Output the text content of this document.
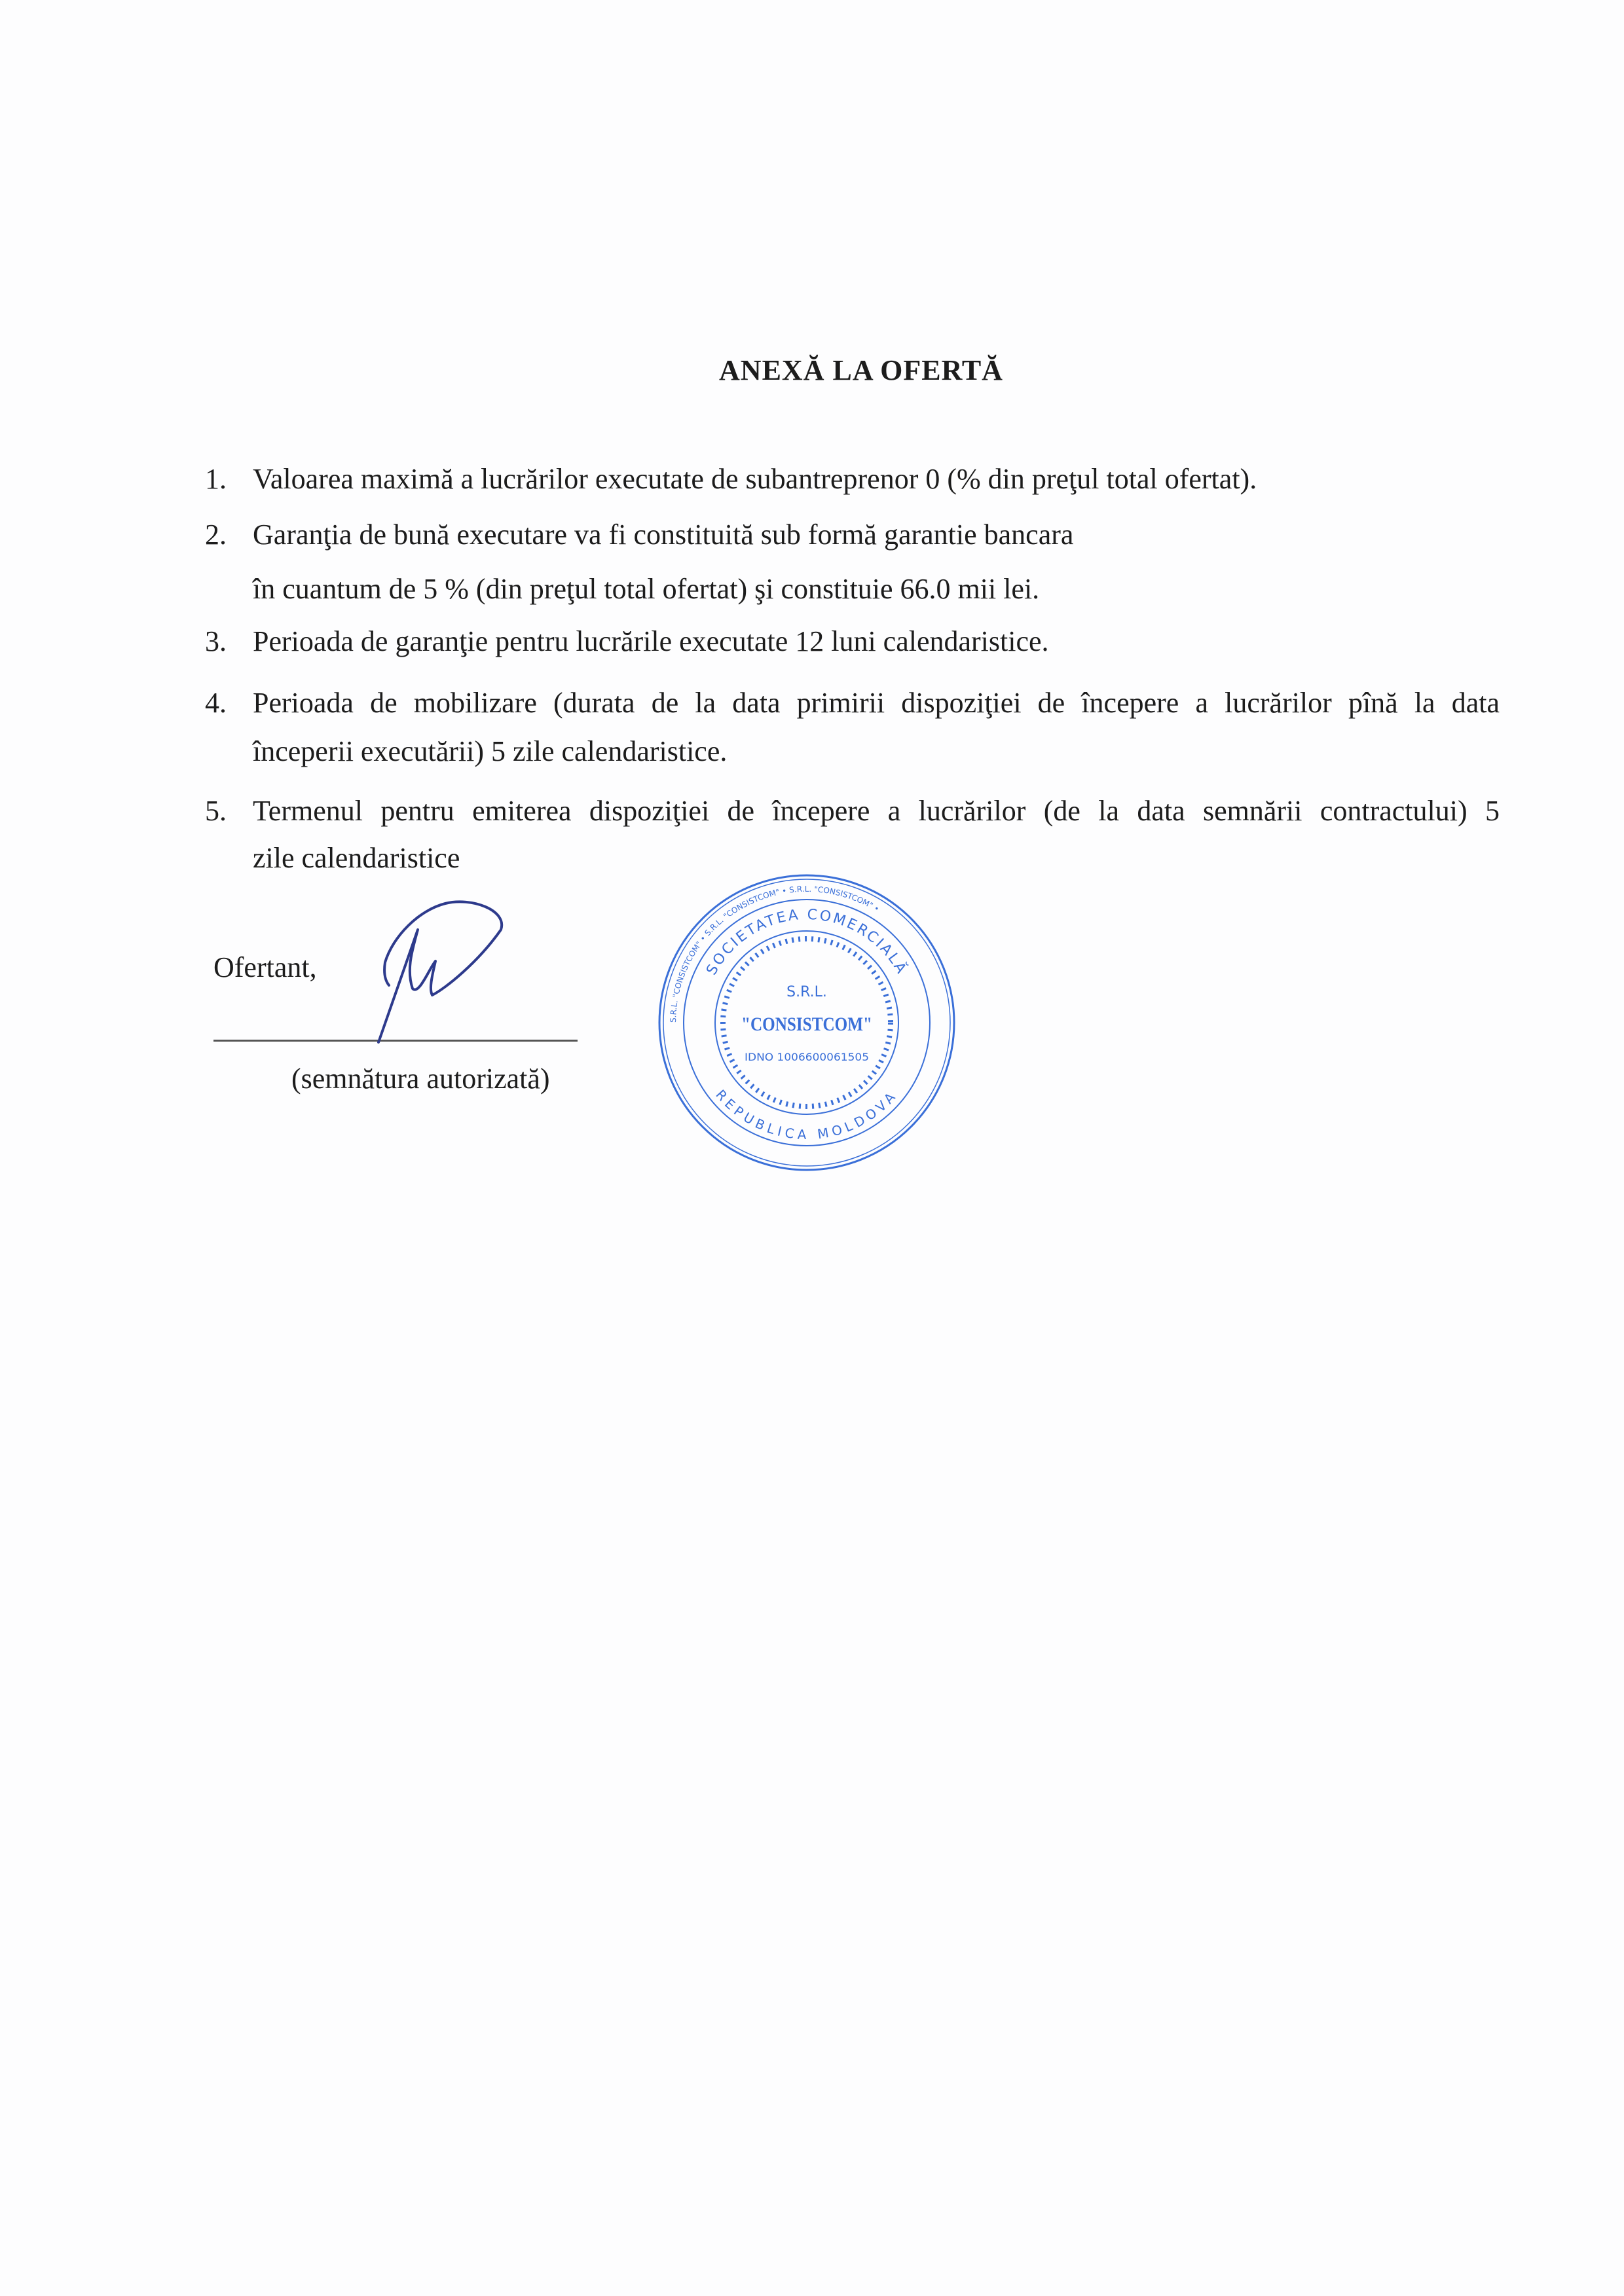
ANEXĂ LA OFERTĂ
1. Valoarea maximă a lucrărilor executate de subantreprenor 0 (% din preţul total ofertat).
2. Garanţia de bună executare va fi constituită sub formă garantie bancara
în cuantum de 5 % (din preţul total ofertat) şi constituie 66.0 mii lei.
3. Perioada de garanţie pentru lucrările executate 12 luni calendaristice.
4. Perioada de mobilizare (durata de la data primirii dispoziţiei de începere a lucrărilor pînă la data
începerii executării) 5 zile calendaristice.
5. Termenul pentru emiterea dispoziţiei de începere a lucrărilor (de la data semnării contractului) 5
zile calendaristice
Ofertant,
(semnătura autorizată)
S.R.L. "CONSISTCOM" • S.R.L. "CONSISTCOM" • S.R.L. "CONSISTCOM" •
SOCIETATEA COMERCIALĂ
REPUBLICA MOLDOVA
S.R.L.
"CONSISTCOM"
IDNO 1006600061505
